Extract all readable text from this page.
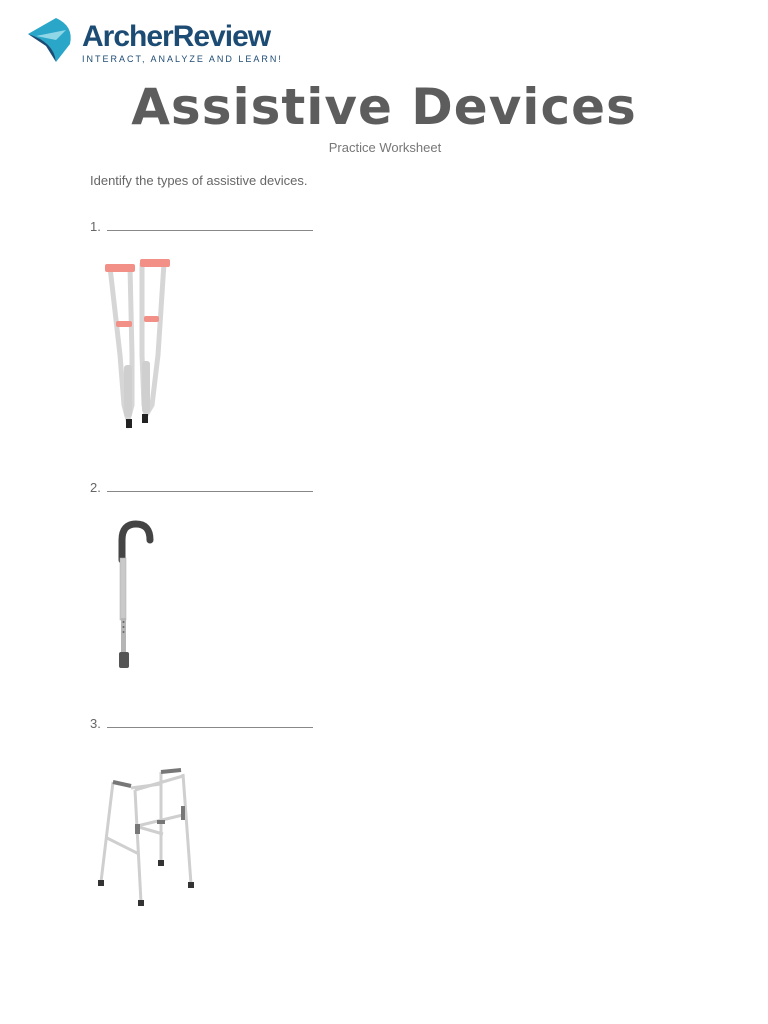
ArcherReview
INTERACT, ANALYZE AND LEARN!
Assistive Devices
Practice Worksheet
Identify the types of assistive devices.
1.
2.
3.
